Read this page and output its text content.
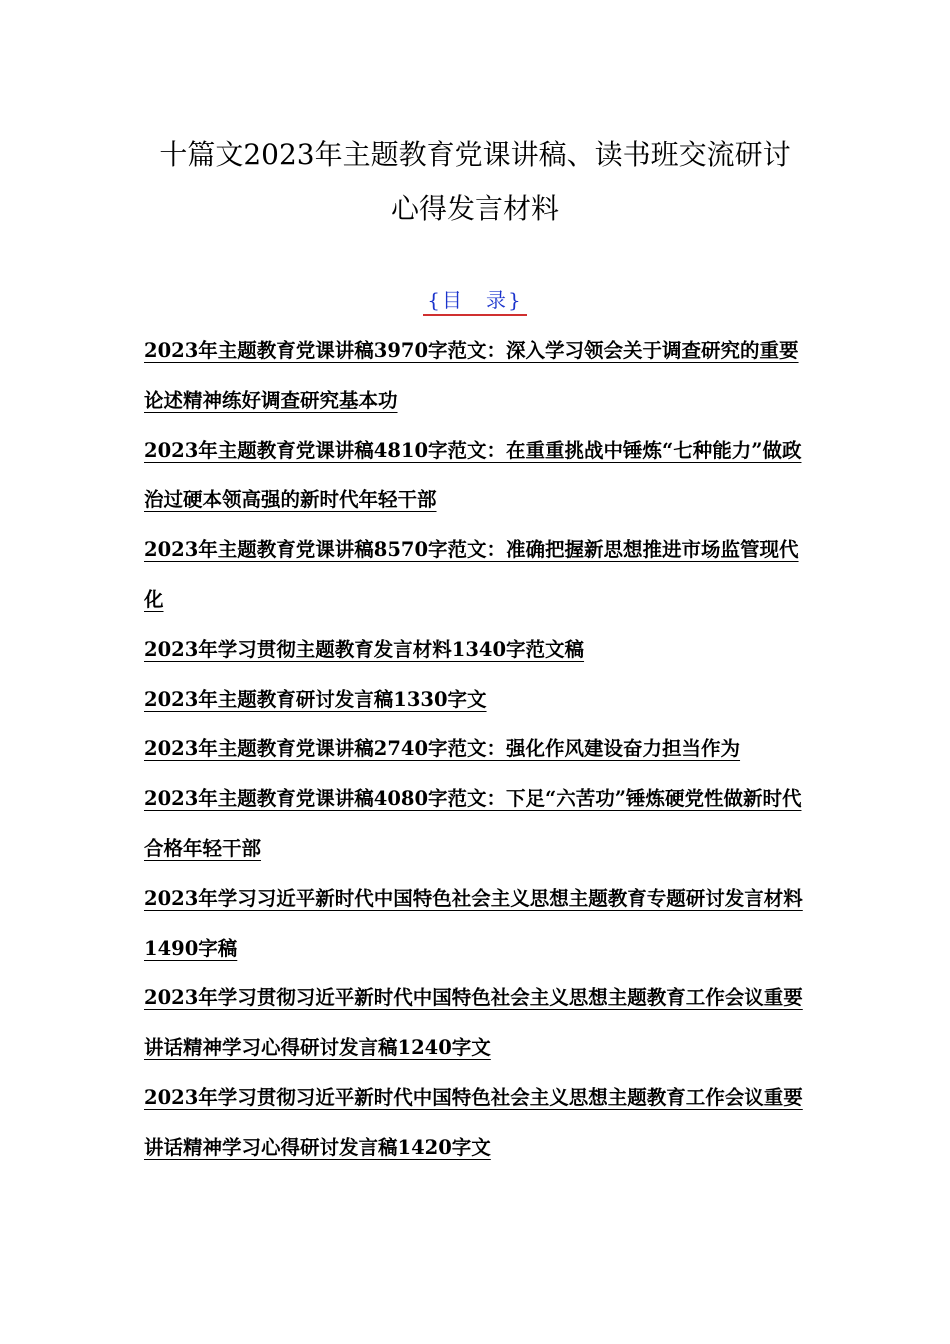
十篇文2023年主题教育党课讲稿、读书班交流研讨
心得发言材料
{目　录}
2023年主题教育党课讲稿3970字范文：深入学习领会关于调查研究的重要论述精神练好调查研究基本功
2023年主题教育党课讲稿4810字范文：在重重挑战中锤炼“七种能力”做政治过硬本领高强的新时代年轻干部
2023年主题教育党课讲稿8570字范文：准确把握新思想推进市场监管现代化
2023年学习贯彻主题教育发言材料1340字范文稿
2023年主题教育研讨发言稿1330字文
2023年主题教育党课讲稿2740字范文：强化作风建设奋力担当作为
2023年主题教育党课讲稿4080字范文：下足“六苦功”锤炼硬党性做新时代合格年轻干部
2023年学习习近平新时代中国特色社会主义思想主题教育专题研讨发言材料1490字稿
2023年学习贯彻习近平新时代中国特色社会主义思想主题教育工作会议重要讲话精神学习心得研讨发言稿1240字文
2023年学习贯彻习近平新时代中国特色社会主义思想主题教育工作会议重要讲话精神学习心得研讨发言稿1420字文
